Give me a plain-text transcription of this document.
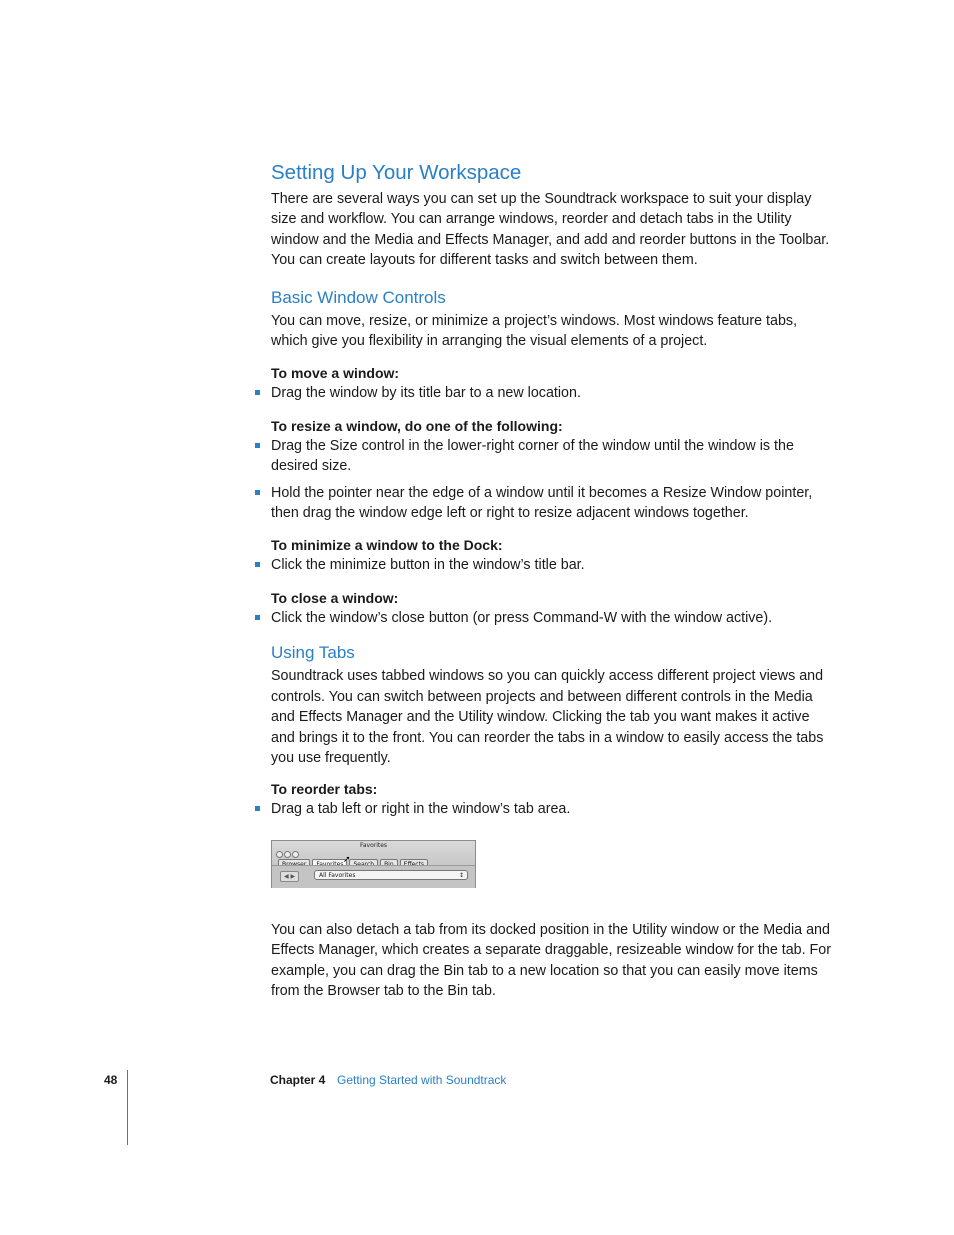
Setting Up Your Workspace

There are several ways you can set up the Soundtrack workspace to suit your display size and workflow. You can arrange windows, reorder and detach tabs in the Utility window and the Media and Effects Manager, and add and reorder buttons in the Toolbar. You can create layouts for different tasks and switch between them.

Basic Window Controls

You can move, resize, or minimize a project’s windows. Most windows feature tabs, which give you flexibility in arranging the visual elements of a project.

To move a window:

Drag the window by its title bar to a new location.

To resize a window, do one of the following:

Drag the Size control in the lower-right corner of the window until the window is the desired size.
Hold the pointer near the edge of a window until it becomes a Resize Window pointer, then drag the window edge left or right to resize adjacent windows together.

To minimize a window to the Dock:

Click the minimize button in the window’s title bar.

To close a window:

Click the window’s close button (or press Command-W with the window active).
Using Tabs

Soundtrack uses tabbed windows so you can quickly access different project views and controls. You can switch between projects and between different controls in the Media and Effects Manager and the Utility window. Clicking the tab you want makes it active and brings it to the front. You can reorder the tabs in a window to easily access the tabs you use frequently.

To reorder tabs:

Drag a tab left or right in the window’s tab area.

You can also detach a tab from its docked position in the Utility window or the Media and Effects Manager, which creates a separate draggable, resizeable window for the tab. For example, you can drag the Bin tab to a new location so that you can easily move items from the Browser tab to the Bin tab.

Favorites
➚
◀ ▶	All Favorites	↕
48	Chapter 4 Getting Started with Soundtrack
